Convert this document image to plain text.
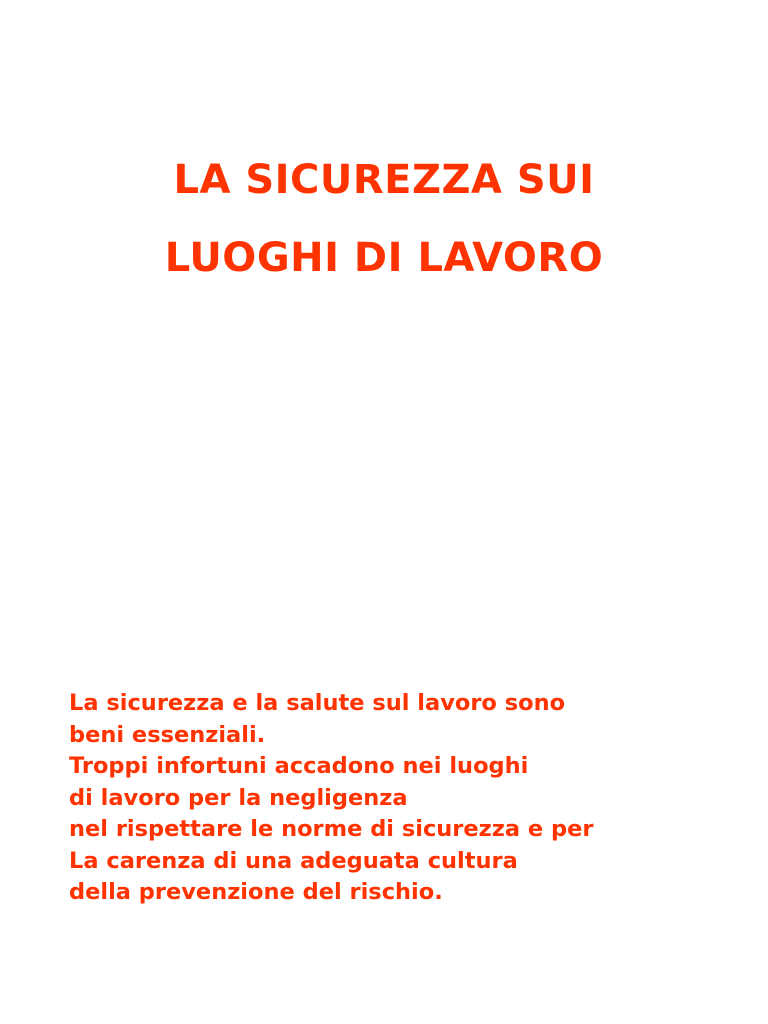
LA SICUREZZA SUI
LUOGHI DI LAVORO
La sicurezza e la salute sul lavoro sono
beni essenziali.
Troppi infortuni accadono nei luoghi
di lavoro per la negligenza
nel rispettare le norme di sicurezza e per
La carenza di una adeguata cultura
della prevenzione del rischio.
